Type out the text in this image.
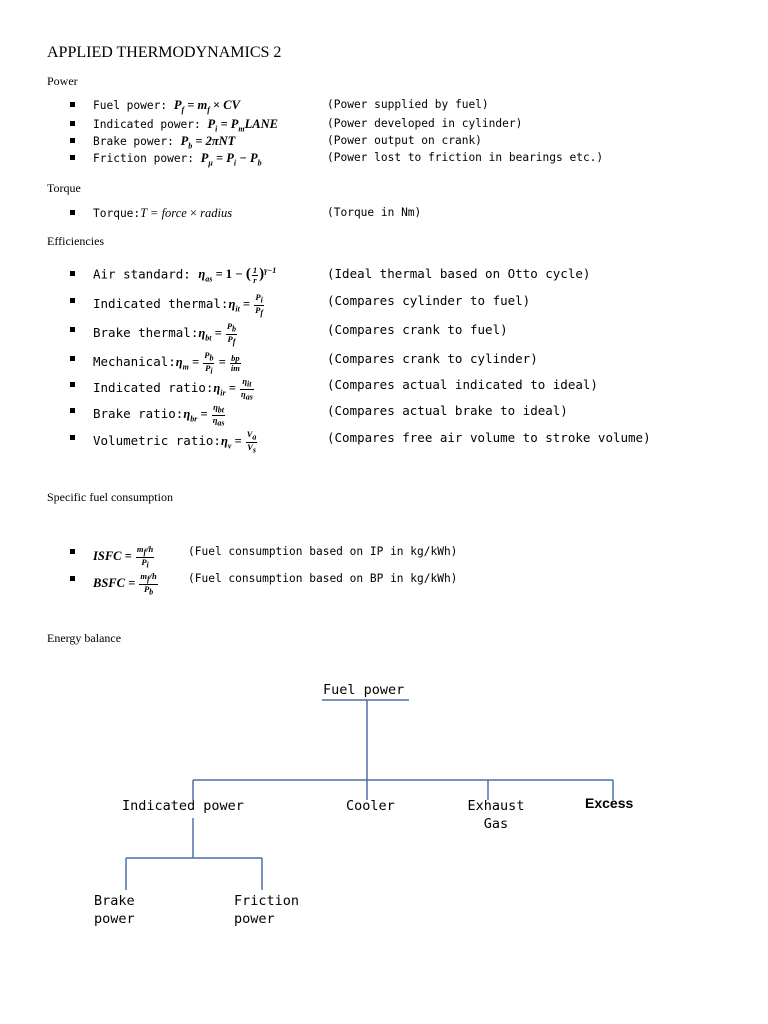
APPLIED THERMODYNAMICS 2
Power
Fuel power: $P_f = m_f$ × CV	(Power supplied by fuel)
Indicated power: $P_i$ = $P_mLANE$	(Power developed in cylinder)
Brake power: $P_b = 2\pi NT$	(Power output on crank)
Friction power: $P_\mu = P_i - P_b$	(Power lost to friction in bearings etc.)
Torque
Torque:T = force × radius	(Torque in Nm)
Efficiencies
Air standard: $\eta_{as} = 1$ − ( $\frac{1}{r} )^{\gamma-1}$	(Ideal thermal based on Otto cycle)
Indicated $thermal:\eta_{it} = \frac{P_i}{P_f}$	(Compares cylinder to fuel)
Brake $thermal:\eta_{bt} = \frac{P_b}{P_f}$	(Compares crank to fuel)
$Mechanical:\eta_m = \frac{P_b}{P_i} = \frac{bp}{im}$	(Compares crank to cylinder)
Indicated $ratio:\eta_{ir} = \frac{\eta_{it}}{\eta_{as}}$	(Compares actual indicated to ideal)
Brake $ratio:\eta_{br} = \frac{\eta_{bt}}{\eta_{as}}$	(Compares actual brake to ideal)
Volumetric $ratio:\eta_v = \frac{V_a}{V_s}$	(Compares free air volume to stroke volume)
Specific fuel consumption
ISFC = $\frac{m_f/h}{P_i}$	(Fuel consumption based on IP in kg/kWh)
BSFC = $\frac{m_f/h}{P_b}$	(Fuel consumption based on BP in kg/kWh)
Energy balance
Fuel power
Indicated power	Cooler	Exhaust
Gas
Excess
Brake
power
Friction
power
